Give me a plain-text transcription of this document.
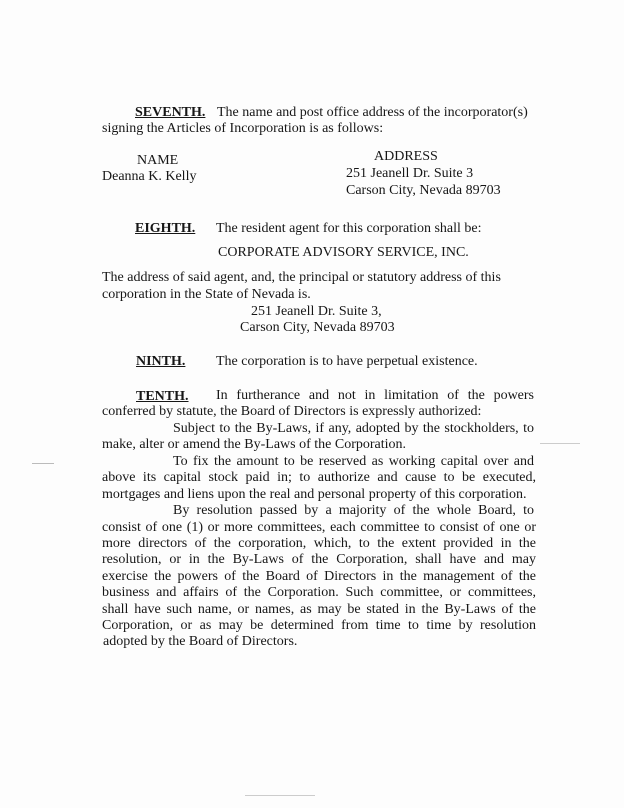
SEVENTH. The name and post office address of the incorporator(s)
signing the Articles of Incorporation is as follows:
NAME
Deanna K. Kelly
ADDRESS
251 Jeanell Dr. Suite 3
Carson City, Nevada 89703
EIGHTH. The resident agent for this corporation shall be:
CORPORATE ADVISORY SERVICE, INC.
The address of said agent, and, the principal or statutory address of this
corporation in the State of Nevada is.
251 Jeanell Dr. Suite 3,
Carson City, Nevada 89703
NINTH. The corporation is to have perpetual existence.
TENTH. In furtherance and not in limitation of the powers
conferred by statute, the Board of Directors is expressly authorized:
Subject to the By-Laws, if any, adopted by the stockholders, to
make, alter or amend the By-Laws of the Corporation.
To fix the amount to be reserved as working capital over and
above its capital stock paid in; to authorize and cause to be executed,
mortgages and liens upon the real and personal property of this corporation.
By resolution passed by a majority of the whole Board, to
consist of one (1) or more committees, each committee to consist of one or
more directors of the corporation, which, to the extent provided in the
resolution, or in the By-Laws of the Corporation, shall have and may
exercise the powers of the Board of Directors in the management of the
business and affairs of the Corporation. Such committee, or committees,
shall have such name, or names, as may be stated in the By-Laws of the
Corporation, or as may be determined from time to time by resolution
adopted by the Board of Directors.
